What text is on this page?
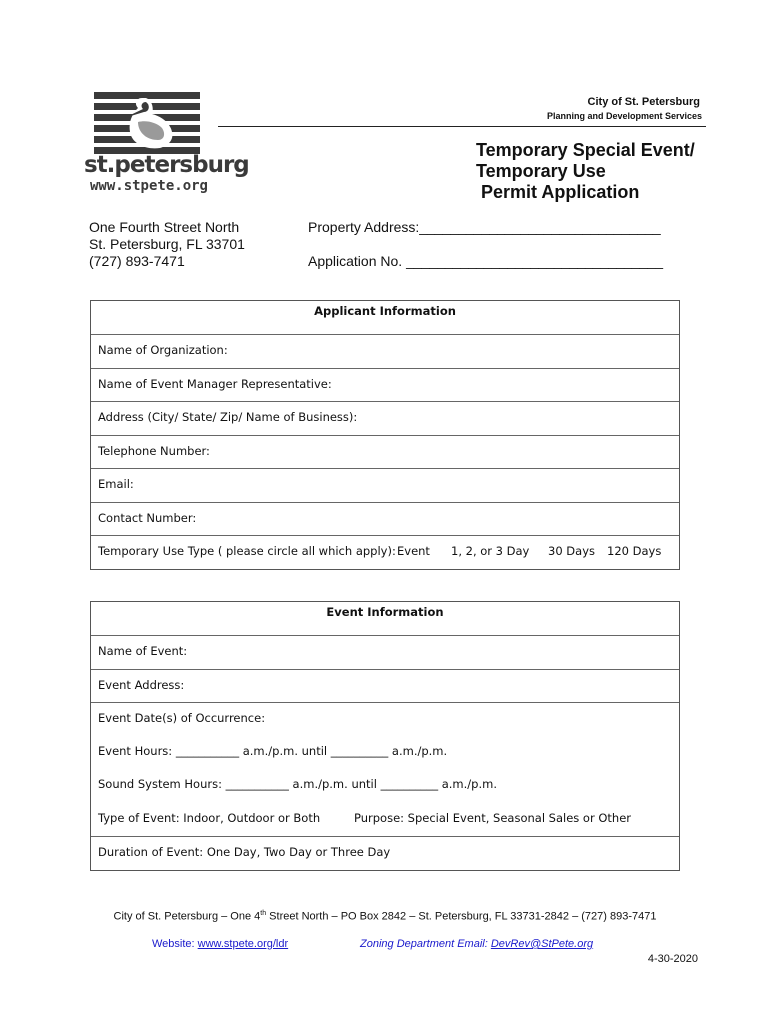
st.petersburg
www.stpete.org
City of St. Petersburg
Planning and Development Services
Temporary Special Event/
Temporary Use
Permit Application
One Fourth Street North
St. Petersburg, FL 33701
(727) 893-7471
Property Address:_______________________________
Application No. _________________________________
Applicant Information
Name of Organization:
Name of Event Manager Representative:
Address (City/ State/ Zip/ Name of Business):
Telephone Number:
Email:
Contact Number:
Temporary Use Type ( please circle all which apply): Event 1, 2, or 3 Day 30 Days 120 Days
Event Information
Name of Event:
Event Address:
Event Date(s) of Occurrence:
Event Hours: ___________ a.m./p.m. until __________ a.m./p.m.
Sound System Hours: ___________ a.m./p.m. until __________ a.m./p.m.
Type of Event: Indoor, Outdoor or Both	Purpose: Special Event, Seasonal Sales or Other
Duration of Event: One Day, Two Day or Three Day
City of St. Petersburg – One 4th Street North – PO Box 2842 – St. Petersburg, FL 33731-2842 – (727) 893-7471
Website: www.stpete.org/ldr	Zoning Department Email: DevRev@StPete.org
4-30-2020
